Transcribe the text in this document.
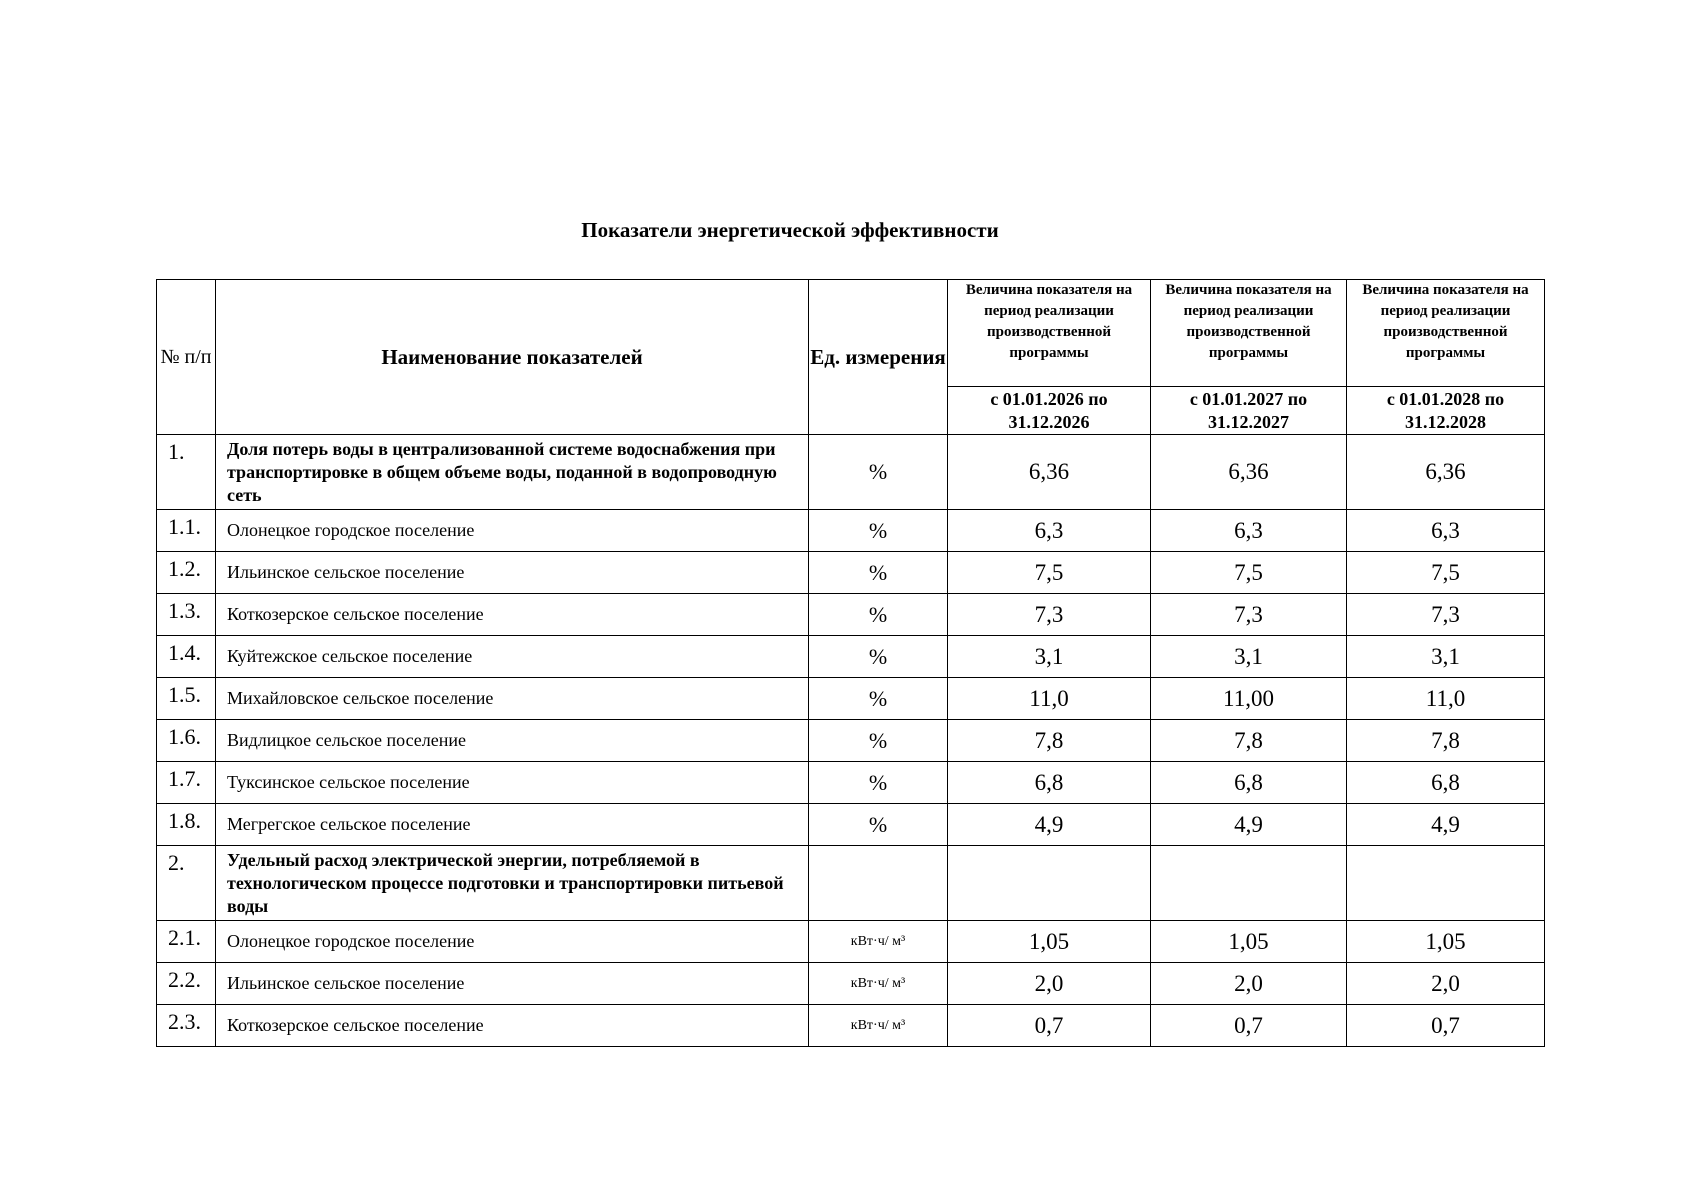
Показатели энергетической эффективности
№ п/п	Наименование показателей	Ед. измерения	Величина показателя на период реализации производственной программы	Величина показателя на период реализации производственной программы	Величина показателя на период реализации производственной программы
			с 01.01.2026 по 31.12.2026	с 01.01.2027 по 31.12.2027	с 01.01.2028 по 31.12.2028
1.	Доля потерь воды в централизованной системе водоснабжения при транспортировке в общем объеме воды, поданной в водопроводную сеть	%	6,36	6,36	6,36
1.1.	Олонецкое городское поселение	%	6,3	6,3	6,3
1.2.	Ильинское сельское поселение	%	7,5	7,5	7,5
1.3.	Коткозерское сельское поселение	%	7,3	7,3	7,3
1.4.	Куйтежское сельское поселение	%	3,1	3,1	3,1
1.5.	Михайловское сельское поселение	%	11,0	11,00	11,0
1.6.	Видлицкое сельское поселение	%	7,8	7,8	7,8
1.7.	Туксинское сельское поселение	%	6,8	6,8	6,8
1.8.	Мегрегское сельское поселение	%	4,9	4,9	4,9
2.	Удельный расход электрической энергии, потребляемой в технологическом процессе подготовки и транспортировки питьевой воды				
2.1.	Олонецкое городское поселение	кВт·ч/ м³	1,05	1,05	1,05
2.2.	Ильинское сельское поселение	кВт·ч/ м³	2,0	2,0	2,0
2.3.	Коткозерское сельское поселение	кВт·ч/ м³	0,7	0,7	0,7
